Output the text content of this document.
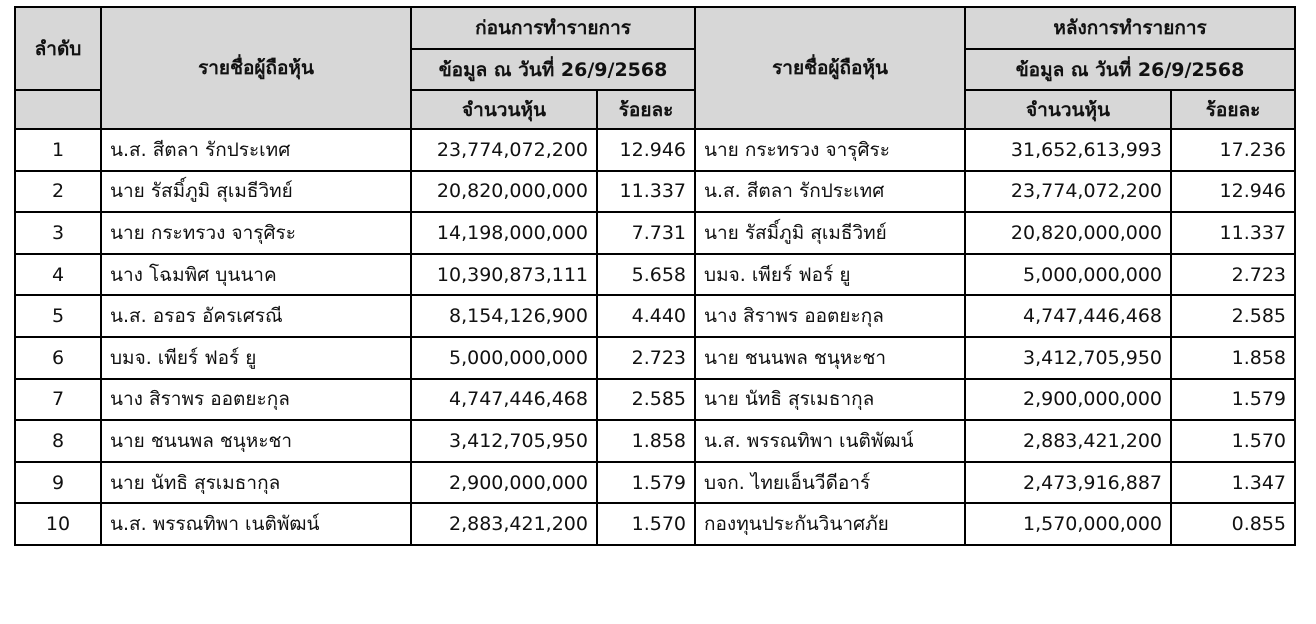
ลำดับ	รายชื่อผู้ถือหุ้น	ก่อนการทำรายการ		รายชื่อผู้ถือหุ้น	หลังการทำรายการ	

		ข้อมูล ณ วันที่ 26/9/2568			ข้อมูล ณ วันที่ 26/9/2568	
		จำนวนหุ้น	ร้อยละ		จำนวนหุ้น	ร้อยละ
1	น.ส. สีตลา รักประเทศ	23,774,072,200	12.946	นาย กระทรวง จารุศิระ	31,652,613,993	17.236
2	นาย รัสมิ์ภูมิ สุเมธีวิทย์	20,820,000,000	11.337	น.ส. สีตลา รักประเทศ	23,774,072,200	12.946
3	นาย กระทรวง จารุศิระ	14,198,000,000	7.731	นาย รัสมิ์ภูมิ สุเมธีวิทย์	20,820,000,000	11.337
4	นาง โฉมพิศ บุนนาค	10,390,873,111	5.658	บมจ. เพียร์ ฟอร์ ยู	5,000,000,000	2.723
5	น.ส. อรอร อัครเศรณี	8,154,126,900	4.440	นาง สิราพร ออตยะกุล	4,747,446,468	2.585
6	บมจ. เพียร์ ฟอร์ ยู	5,000,000,000	2.723	นาย ชนนพล ชนุหะชา	3,412,705,950	1.858
7	นาง สิราพร ออตยะกุล	4,747,446,468	2.585	นาย นัทธิ สุรเมธากุล	2,900,000,000	1.579
8	นาย ชนนพล ชนุหะชา	3,412,705,950	1.858	น.ส. พรรณทิพา เนติพัฒน์	2,883,421,200	1.570
9	นาย นัทธิ สุรเมธากุล	2,900,000,000	1.579	บจก. ไทยเอ็นวีดีอาร์	2,473,916,887	1.347
10	น.ส. พรรณทิพา เนติพัฒน์	2,883,421,200	1.570	กองทุนประกันวินาศภัย	1,570,000,000	0.855
